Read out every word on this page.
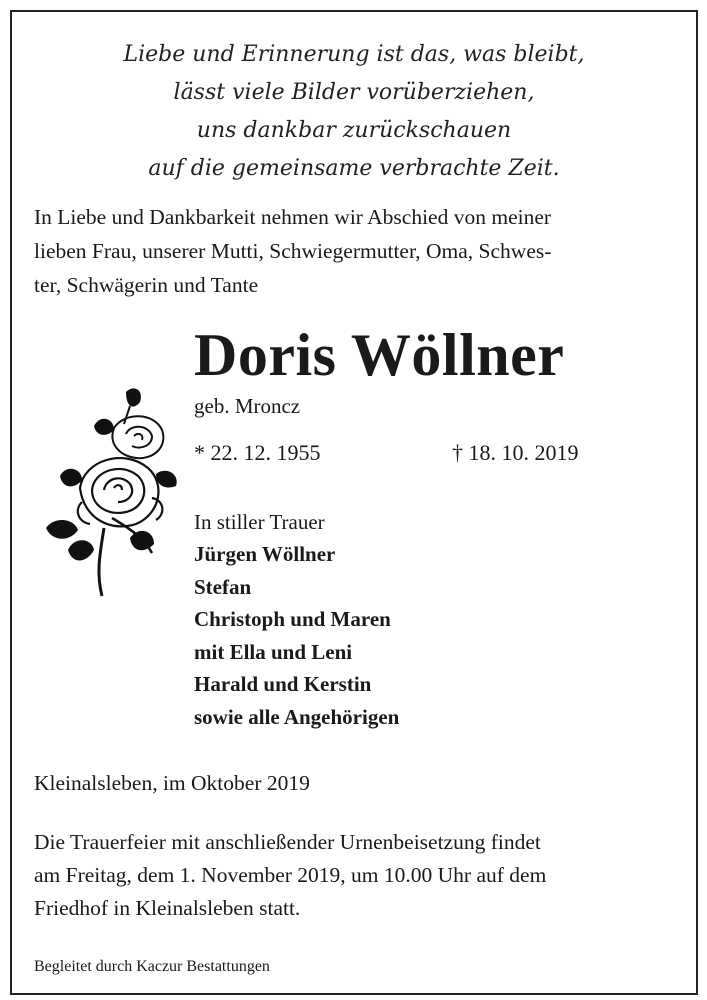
Liebe und Erinnerung ist das, was bleibt,
lässt viele Bilder vorüberziehen,
uns dankbar zurückschauen
auf die gemeinsame verbrachte Zeit.
In Liebe und Dankbarkeit nehmen wir Abschied von meiner
lieben Frau, unserer Mutti, Schwiegermutter, Oma, Schwes-
ter, Schwägerin und Tante
Doris Wöllner
geb. Mroncz
* 22. 12. 1955	† 18. 10. 2019
In stiller Trauer
Jürgen Wöllner
Stefan
Christoph und Maren
mit Ella und Leni
Harald und Kerstin
sowie alle Angehörigen
Kleinalsleben, im Oktober 2019
Die Trauerfeier mit anschließender Urnenbeisetzung findet
am Freitag, dem 1. November 2019, um 10.00 Uhr auf dem
Friedhof in Kleinalsleben statt.
Begleitet durch Kaczur Bestattungen
